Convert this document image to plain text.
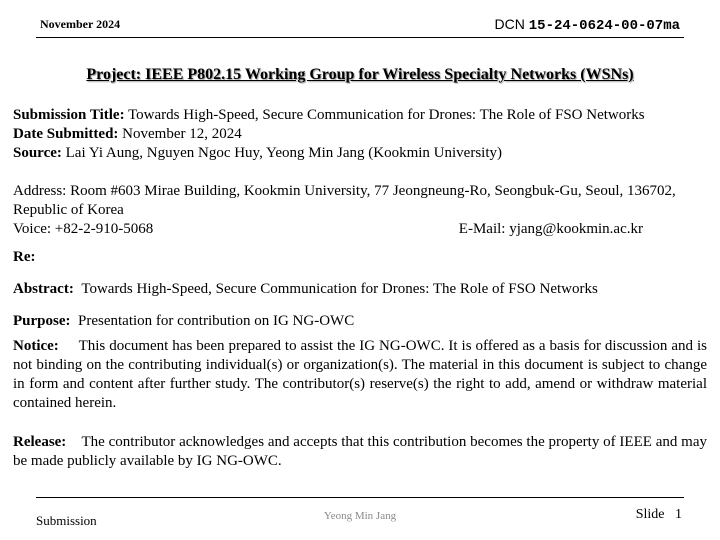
November 2024	DCN 15-24-0624-00-07ma
Project: IEEE P802.15 Working Group for Wireless Specialty Networks (WSNs)
Submission Title: Towards High-Speed, Secure Communication for Drones: The Role of FSO Networks
Date Submitted: November 12, 2024
Source: Lai Yi Aung, Nguyen Ngoc Huy, Yeong Min Jang (Kookmin University)
Address: Room #603 Mirae Building, Kookmin University, 77 Jeongneung-Ro, Seongbuk-Gu, Seoul, 136702, Republic of Korea
Voice: +82-2-910-5068	E-Mail: yjang@kookmin.ac.kr
Re:
Abstract: Towards High-Speed, Secure Communication for Drones: The Role of FSO Networks
Purpose: Presentation for contribution on IG NG-OWC
Notice: This document has been prepared to assist the IG NG-OWC. It is offered as a basis for discussion and is not binding on the contributing individual(s) or organization(s). The material in this document is subject to change in form and content after further study. The contributor(s) reserve(s) the right to add, amend or withdraw material contained herein.
Release: The contributor acknowledges and accepts that this contribution becomes the property of IEEE and may be made publicly available by IG NG-OWC.
Submission	Yeong Min Jang	Slide 1
